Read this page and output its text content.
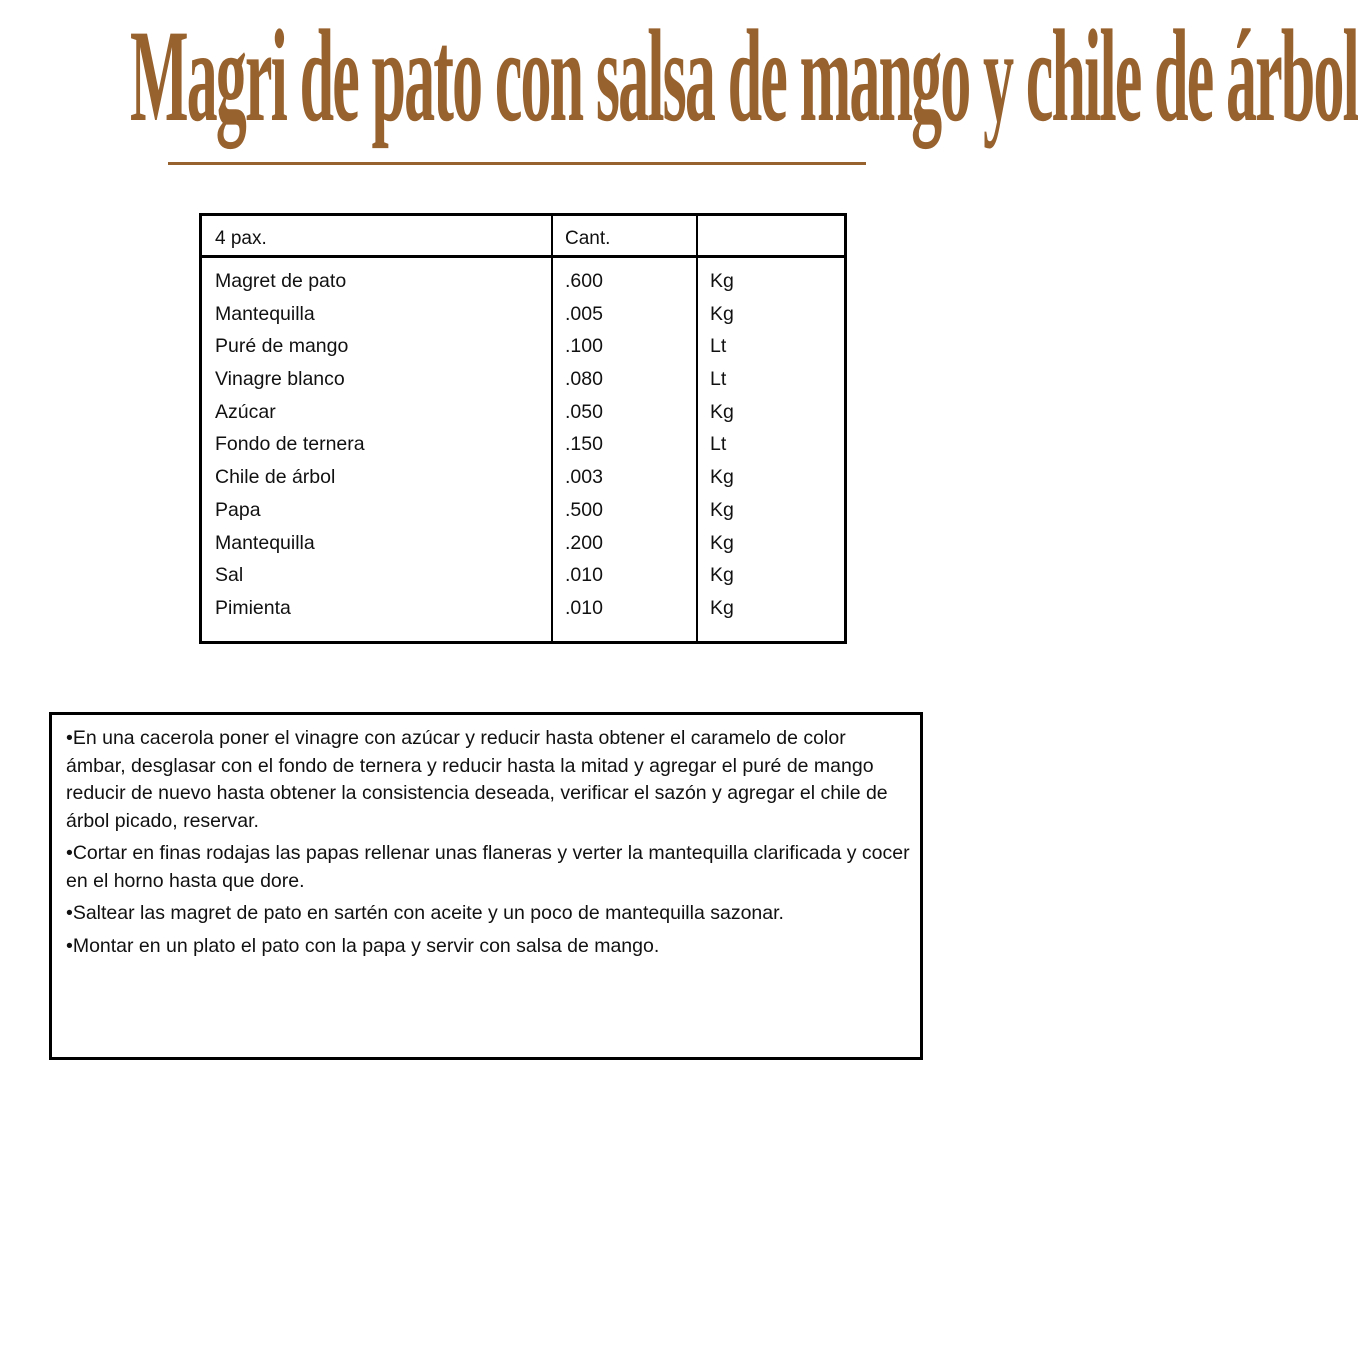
Magri de pato con salsa de mango y chile de árbol
4 pax.	Cant.
Magret de pato	.600	Kg
Mantequilla	.005	Kg
Puré de mango	.100	Lt
Vinagre blanco	.080	Lt
Azúcar	.050	Kg
Fondo de ternera	.150	Lt
Chile de árbol	.003	Kg
Papa	.500	Kg
Mantequilla	.200	Kg
Sal	.010	Kg
Pimienta	.010	Kg

•En una cacerola poner el vinagre con azúcar y reducir hasta obtener el caramelo de color ámbar, desglasar con el fondo de ternera y reducir hasta la mitad y agregar el puré de mango reducir de nuevo hasta obtener la consistencia deseada, verificar el sazón y agregar el chile de árbol picado, reservar.

•Cortar en finas rodajas las papas rellenar unas flaneras y verter la mantequilla clarificada y cocer en el horno hasta que dore.

•Saltear las magret de pato en sartén con aceite y un poco de mantequilla sazonar.

•Montar en un plato el pato con la papa y servir con salsa de mango.
